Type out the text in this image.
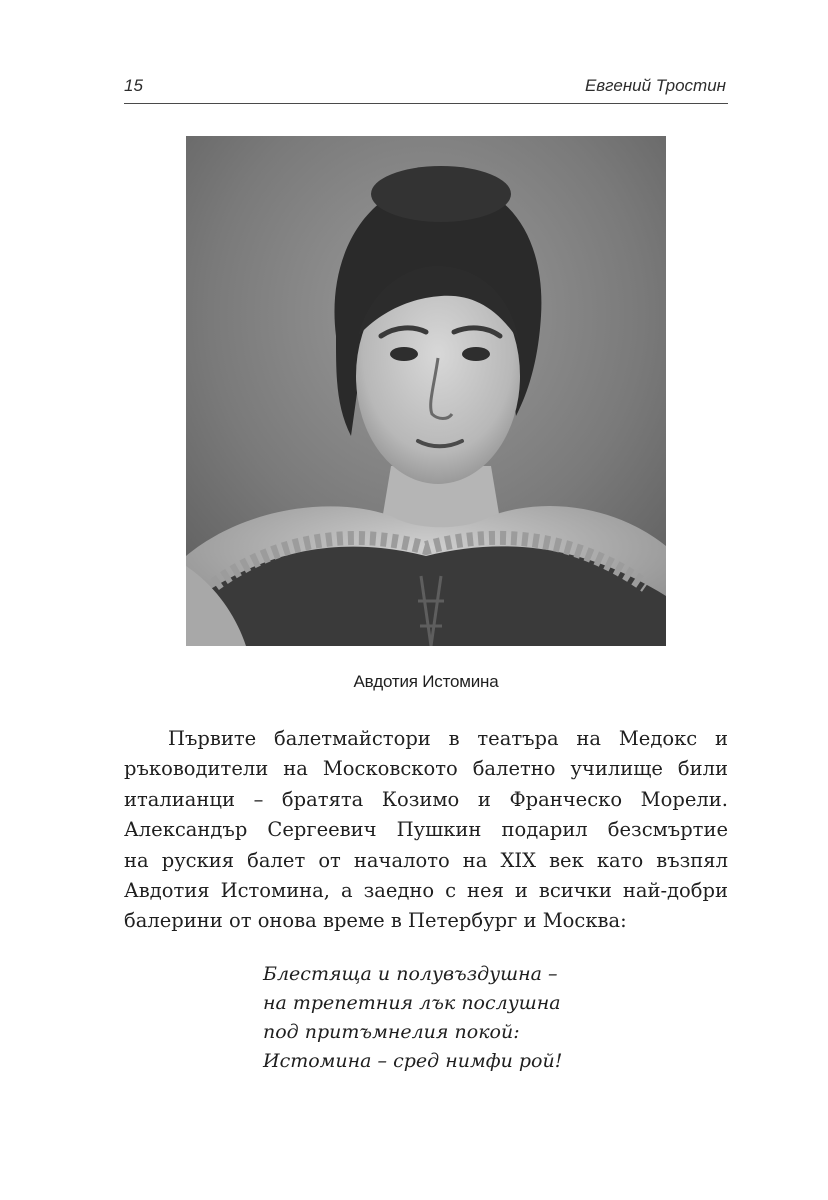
15	Евгений Тростин
Авдотия Истомина
Първите балетмайстори в театъра на Медокс и
ръководители на Московското балетно училище били
италианци – братята Козимо и Франческо Морели.
Александър Сергеевич Пушкин подарил безсмъртие
на руския балет от началото на XIX век като възпял
Авдотия Истомина, а заедно с нея и всички най-добри
балерини от онова време в Петербург и Москва:
Блестяща и полувъздушна –
на трепетния лък послушна
под притъмнелия покой:
Истомина – сред нимфи рой!
